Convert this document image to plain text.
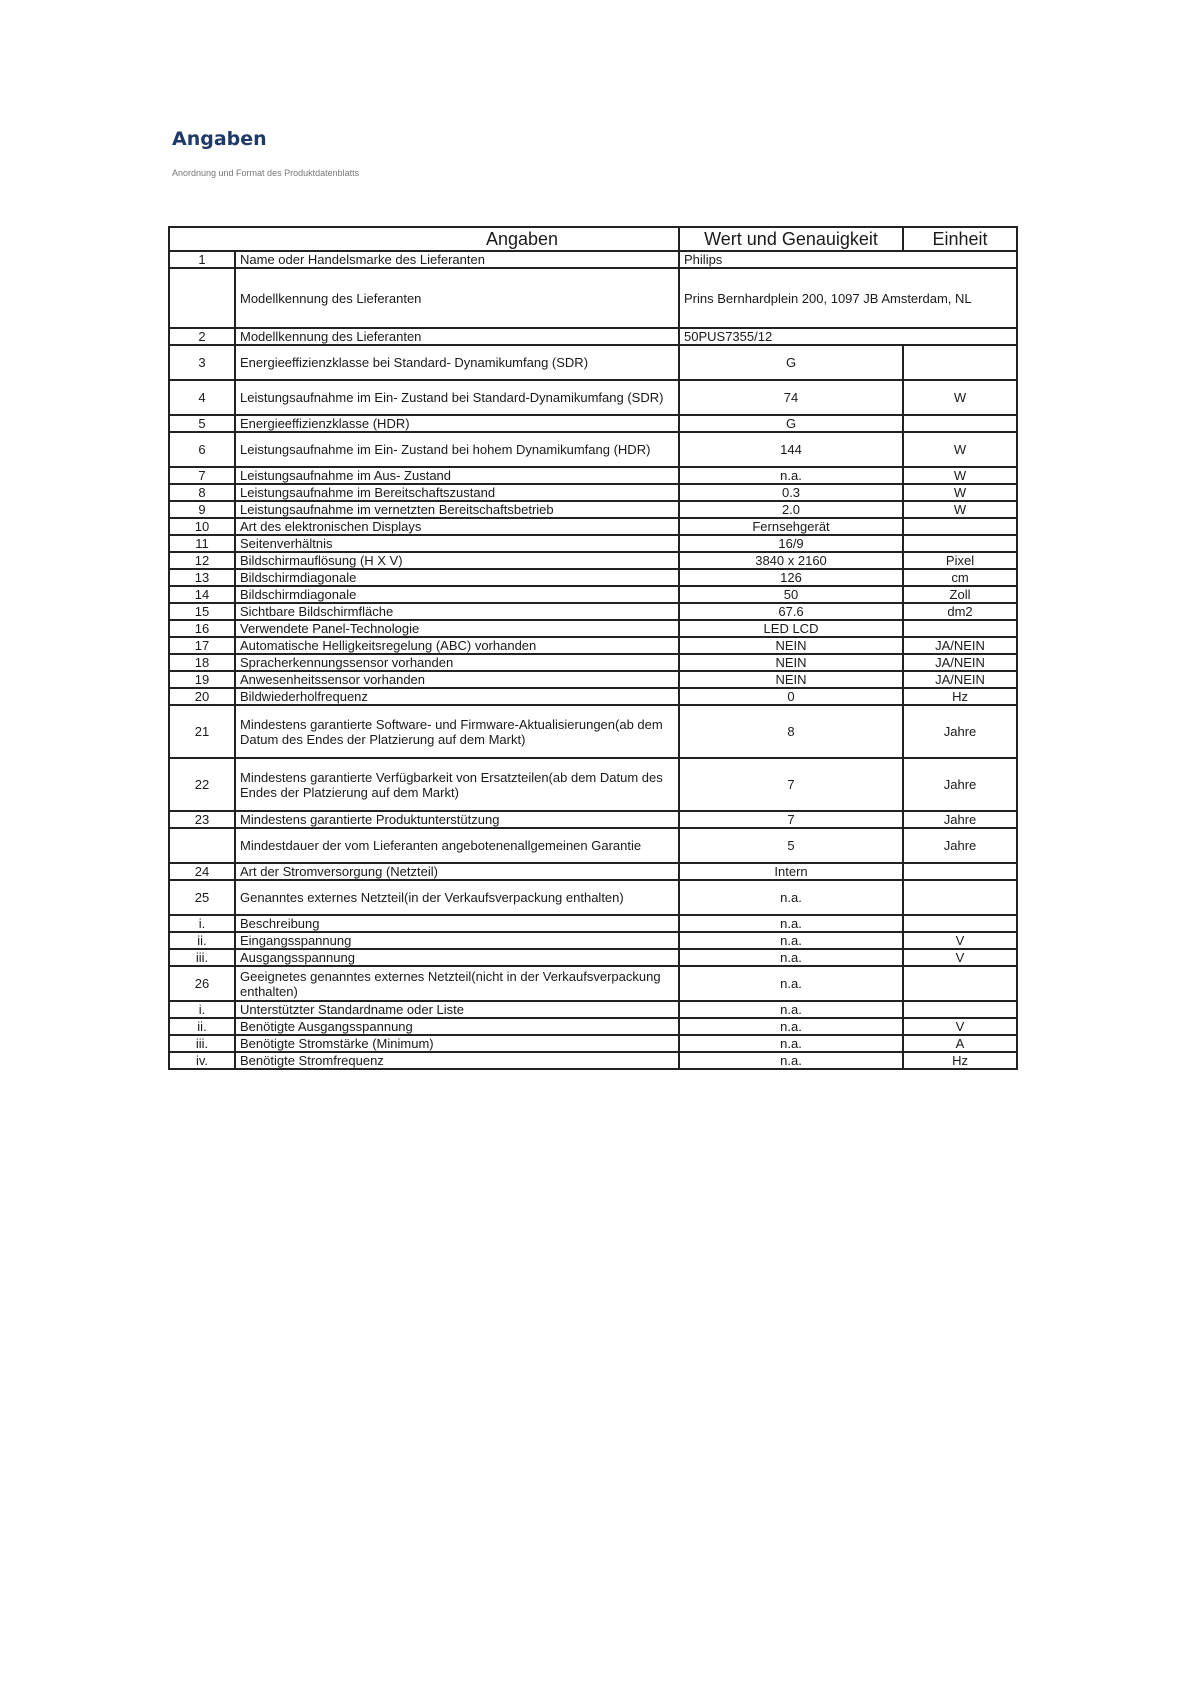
Angaben
Anordnung und Format des Produktdatenblatts
Angaben		Wert und Genauigkeit	Einheit
1	Name oder Handelsmarke des Lieferanten	Philips	
	Modellkennung des Lieferanten	Prins Bernhardplein 200, 1097 JB Amsterdam, NL	
2	Modellkennung des Lieferanten	50PUS7355/12	
3	Energieeffizienzklasse bei Standard- Dynamikumfang (SDR)	G	
4	Leistungsaufnahme im Ein- Zustand bei Standard-Dynamikumfang (SDR)	74	W
5	Energieeffizienzklasse (HDR)	G	
6	Leistungsaufnahme im Ein- Zustand bei hohem Dynamikumfang (HDR)	144	W
7	Leistungsaufnahme im Aus- Zustand	n.a.	W
8	Leistungsaufnahme im Bereitschaftszustand	0.3	W
9	Leistungsaufnahme im vernetzten Bereitschaftsbetrieb	2.0	W
10	Art des elektronischen Displays	Fernsehgerät	
11	Seitenverhältnis	16/9	
12	Bildschirmauflösung (H X V)	3840 x 2160	Pixel
13	Bildschirmdiagonale	126	cm
14	Bildschirmdiagonale	50	Zoll
15	Sichtbare Bildschirmfläche	67.6	dm2
16	Verwendete Panel-Technologie	LED LCD	
17	Automatische Helligkeitsregelung (ABC) vorhanden	NEIN	JA/NEIN
18	Spracherkennungssensor vorhanden	NEIN	JA/NEIN
19	Anwesenheitssensor vorhanden	NEIN	JA/NEIN
20	Bildwiederholfrequenz	0	Hz
21	Mindestens garantierte Software- und Firmware-Aktualisierungen(ab dem Datum des Endes der Platzierung auf dem Markt)	8	Jahre
22	Mindestens garantierte Verfügbarkeit von Ersatzteilen(ab dem Datum des Endes der Platzierung auf dem Markt)	7	Jahre
23	Mindestens garantierte Produktunterstützung	7	Jahre
	Mindestdauer der vom Lieferanten angebotenenallgemeinen Garantie	5	Jahre
24	Art der Stromversorgung (Netzteil)	Intern	
25	Genanntes externes Netzteil(in der Verkaufsverpackung enthalten)	n.a.	
i.	Beschreibung	n.a.	
ii.	Eingangsspannung	n.a.	V
iii.	Ausgangsspannung	n.a.	V
26	Geeignetes genanntes externes Netzteil(nicht in der Verkaufsverpackung enthalten)	n.a.	
i.	Unterstützter Standardname oder Liste	n.a.	
ii.	Benötigte Ausgangsspannung	n.a.	V
iii.	Benötigte Stromstärke (Minimum)	n.a.	A
iv.	Benötigte Stromfrequenz	n.a.	Hz
